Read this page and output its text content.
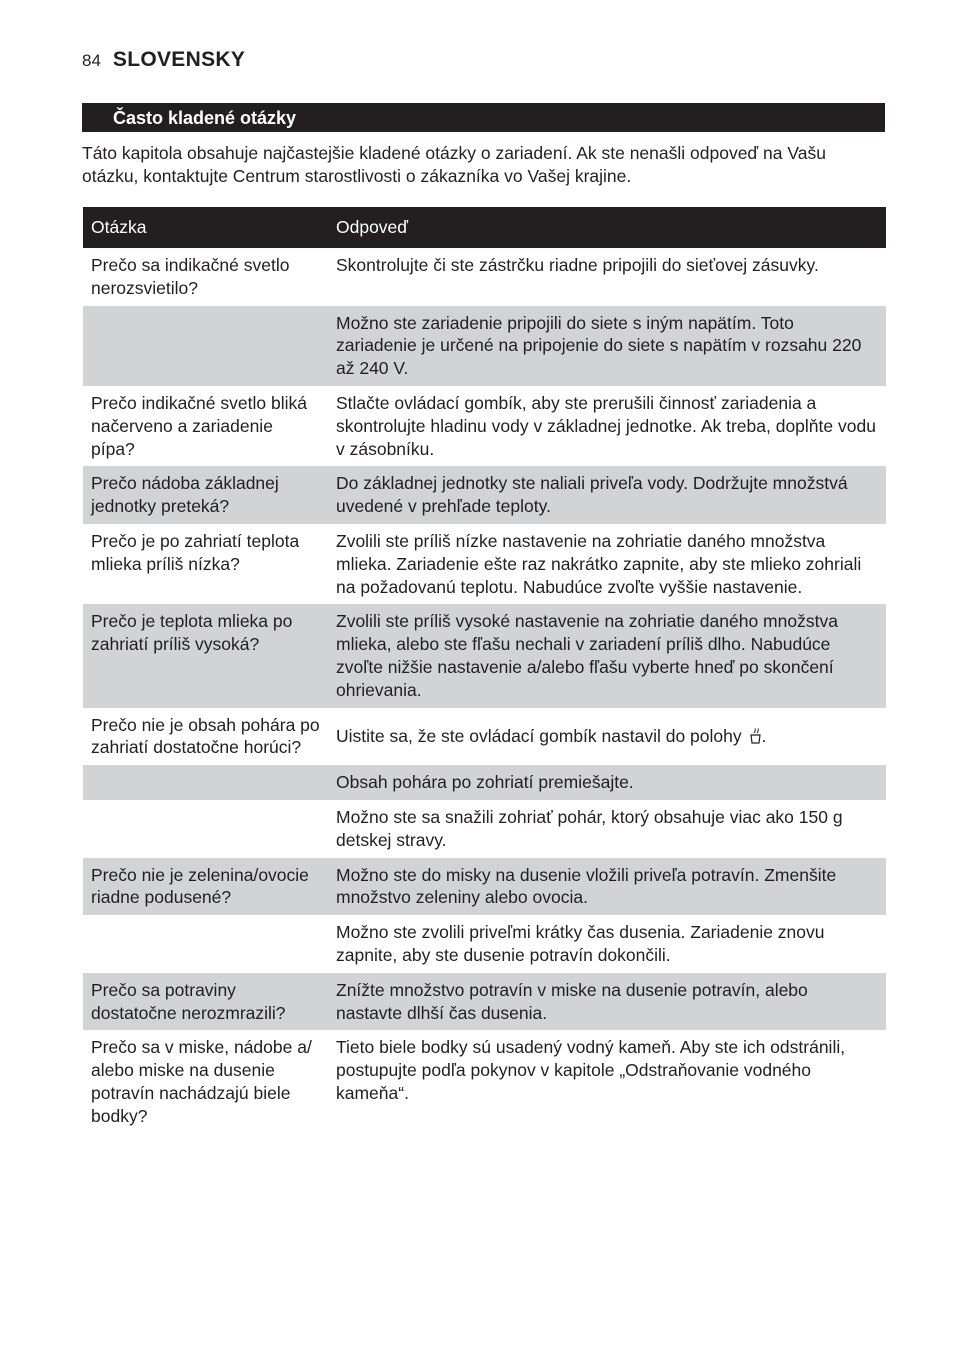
84 SLOVENSKY
Často kladené otázky

Táto kapitola obsahuje najčastejšie kladené otázky o zariadení. Ak ste nenašli odpoveď na Vašu otázku, kontaktujte Centrum starostlivosti o zákazníka vo Vašej krajine.

Otázka	Odpoveď
Prečo sa indikačné svetlo nerozsvietilo?	Skontrolujte či ste zástrčku riadne pripojili do sieťovej zásuvky.
	Možno ste zariadenie pripojili do siete s iným napätím. Toto zariadenie je určené na pripojenie do siete s napätím v rozsahu 220 až 240 V.
Prečo indikačné svetlo bliká načerveno a zariadenie pípa?	Stlačte ovládací gombík, aby ste prerušili činnosť zariadenia a skontrolujte hladinu vody v základnej jednotke. Ak treba, doplňte vodu v zásobníku.
Prečo nádoba základnej jednotky preteká?	Do základnej jednotky ste naliali priveľa vody. Dodržujte množstvá uvedené v prehľade teploty.
Prečo je po zahriatí teplota mlieka príliš nízka?	Zvolili ste príliš nízke nastavenie na zohriatie daného množstva mlieka. Zariadenie ešte raz nakrátko zapnite, aby ste mlieko zohriali na požadovanú teplotu. Nabudúce zvoľte vyššie nastavenie.
Prečo je teplota mlieka po zahriatí príliš vysoká?	Zvolili ste príliš vysoké nastavenie na zohriatie daného množstva mlieka, alebo ste fľašu nechali v zariadení príliš dlho. Nabudúce zvoľte nižšie nastavenie a/alebo fľašu vyberte hneď po skončení ohrievania.
Prečo nie je obsah pohára po zahriatí dostatočne horúci?	Uistite sa, že ste ovládací gombík nastavil do polohy .
	Obsah pohára po zohriatí premiešajte.
	Možno ste sa snažili zohriať pohár, ktorý obsahuje viac ako 150 g detskej stravy.
Prečo nie je zelenina/ovocie riadne podusené?	Možno ste do misky na dusenie vložili priveľa potravín. Zmenšite množstvo zeleniny alebo ovocia.
	Možno ste zvolili priveľmi krátky čas dusenia. Zariadenie znovu zapnite, aby ste dusenie potravín dokončili.
Prečo sa potraviny dostatočne nerozmrazili?	Znížte množstvo potravín v miske na dusenie potravín, alebo nastavte dlhší čas dusenia.
Prečo sa v miske, nádobe a/ alebo miske na dusenie potravín nachádzajú biele bodky?	Tieto biele bodky sú usadený vodný kameň. Aby ste ich odstránili, postupujte podľa pokynov v kapitole „Odstraňovanie vodného kameňa“.
